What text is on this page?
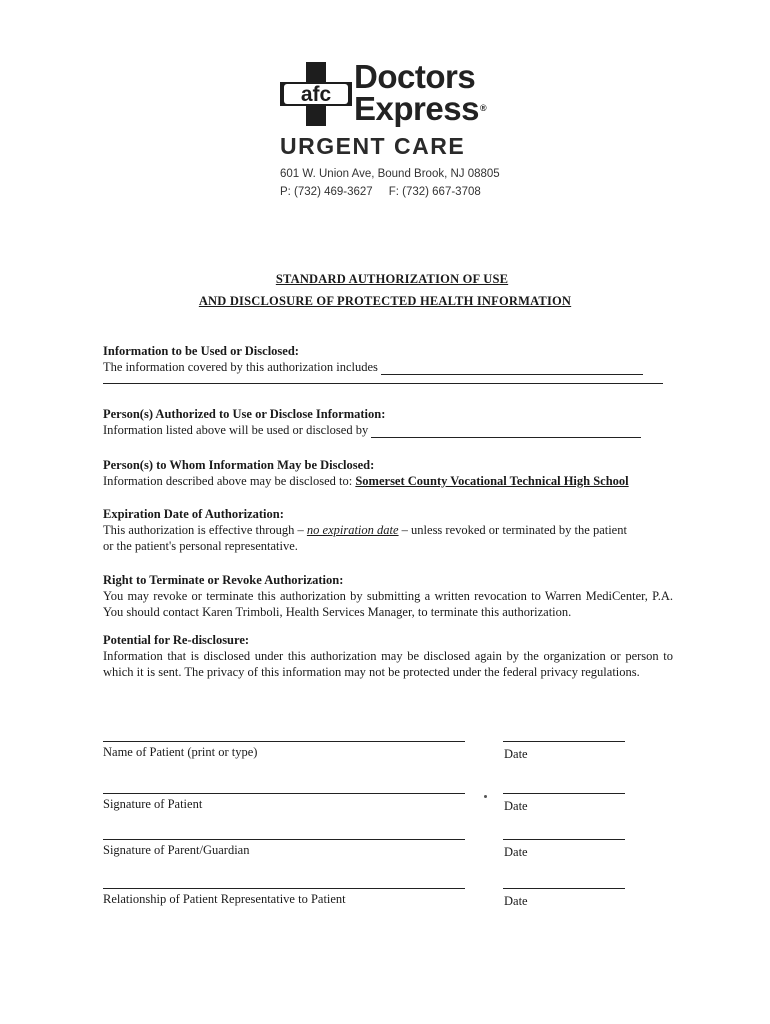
afc Doctors
Express®
URGENT CARE
601 W. Union Ave, Bound Brook, NJ 08805
P: (732) 469-3627 F: (732) 667-3708
STANDARD AUTHORIZATION OF USE
AND DISCLOSURE OF PROTECTED HEALTH INFORMATION
Information to be Used or Disclosed:
The information covered by this authorization includes
Person(s) Authorized to Use or Disclose Information:
Information listed above will be used or disclosed by
Person(s) to Whom Information May be Disclosed:
Information described above may be disclosed to: Somerset County Vocational Technical High School
Expiration Date of Authorization:
This authorization is effective through – no expiration date – unless revoked or terminated by the patient
or the patient's personal representative.
Right to Terminate or Revoke Authorization:
You may revoke or terminate this authorization by submitting a written revocation to Warren MediCenter, P.A. You should contact Karen Trimboli, Health Services Manager, to terminate this authorization.
Potential for Re-disclosure:
Information that is disclosed under this authorization may be disclosed again by the organization or person to which it is sent. The privacy of this information may not be protected under the federal privacy regulations.
Name of Patient (print or type)	Date
Signature of Patient	Date
Signature of Parent/Guardian	Date
Relationship of Patient Representative to Patient	Date
